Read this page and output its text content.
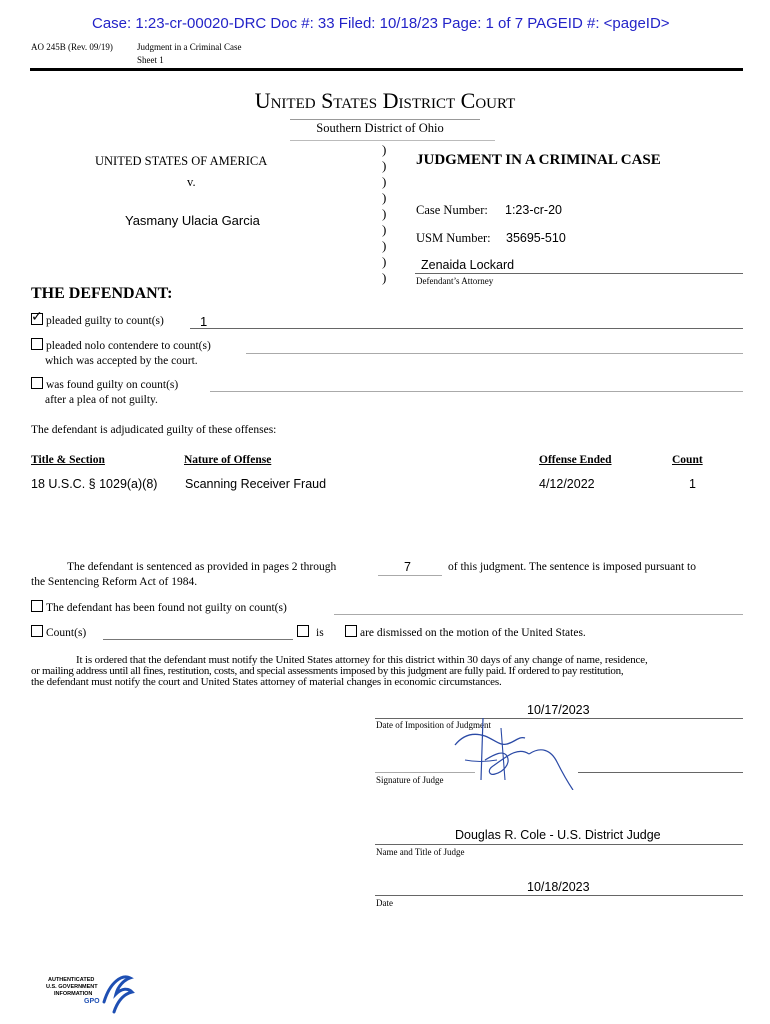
Case: 1:23-cr-00020-DRC Doc #: 33 Filed: 10/18/23 Page: 1 of 7 PAGEID #: <pageID>
AO 245B (Rev. 09/19)	Judgment in a Criminal Case
Sheet 1
United States District Court
Southern District of Ohio
UNITED STATES OF AMERICA
v.
Yasmany Ulacia Garcia
)
)
)
)
)
)
)
)
)
JUDGMENT IN A CRIMINAL CASE
Case Number: 1:23-cr-20
USM Number: 35695-510
Zenaida Lockard
Defendant’s Attorney
THE DEFENDANT:
✓pleaded guilty to count(s)	1
pleaded nolo contendere to count(s)
which was accepted by the court.
was found guilty on count(s)
after a plea of not guilty.
The defendant is adjudicated guilty of these offenses:
Title & Section	Nature of Offense	Offense Ended	Count
18 U.S.C. § 1029(a)(8) Scanning Receiver Fraud	4/12/2022	1
The defendant is sentenced as provided in pages 2 through	7	of this judgment. The sentence is imposed pursuant to
the Sentencing Reform Act of 1984.
The defendant has been found not guilty on count(s)
Count(s)	is	are dismissed on the motion of the United States.
It is ordered that the defendant must notify the United States attorney for this district within 30 days of any change of name, residence,
or mailing address until all fines, restitution, costs, and special assessments imposed by this judgment are fully paid. If ordered to pay restitution,
the defendant must notify the court and United States attorney of material changes in economic circumstances.
10/17/2023
Date of Imposition of Judgment
Signature of Judge
Douglas R. Cole - U.S. District Judge
Name and Title of Judge
10/18/2023
Date
AUTHENTICATED
U.S. GOVERNMENT
INFORMATION
GPO
